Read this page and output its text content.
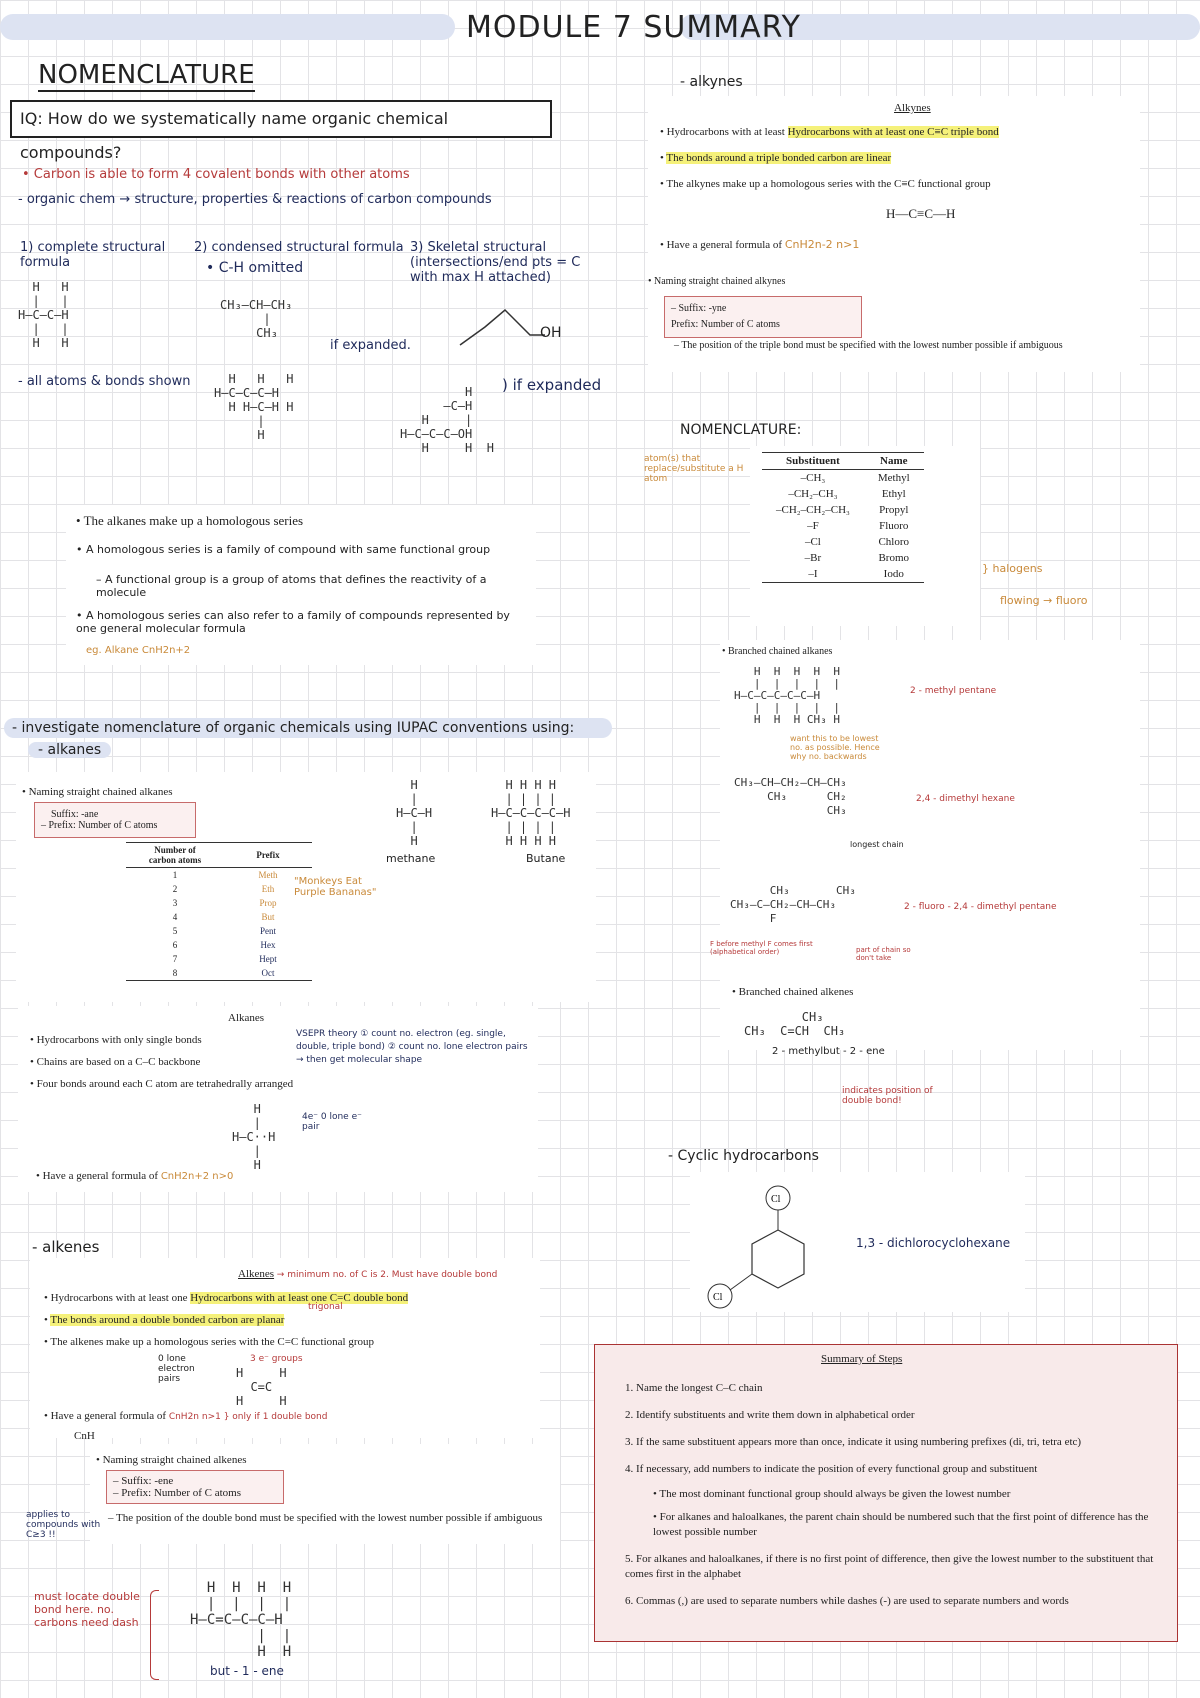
MODULE 7 SUMMARY
NOMENCLATURE
IQ: How do we systematically name organic chemical compounds?
• Carbon is able to form 4 covalent bonds with other atoms
- organic chem → structure, properties & reactions of carbon compounds
1) complete structural formula
H   H
|   |
H—C—C—H
|   |
H   H
- all atoms & bonds shown
2) condensed structural formula
• C-H omitted
CH₃—CH—CH₃
|
CH₃
if expanded.
H   H   H
H—C—C—C—H
H H—C—H H
|
H
3) Skeletal structural (intersections/end pts = C with max H attached)
OH
) if expanded
H
—C—H
H     |
H—C—C—C—OH
H     H  H
• The alkanes make up a homologous series
• A homologous series is a family of compound with same functional group
– A functional group is a group of atoms that defines the reactivity of a molecule
• A homologous series can also refer to a family of compounds represented by one general molecular formula
eg. Alkane CnH2n+2
- investigate nomenclature of organic chemicals using IUPAC conventions using:
- alkanes
• Naming straight chained alkanes
Suffix: -ane
– Prefix: Number of C atoms
H
|
H—C—H
|
H
methane
H H H H
| | | |
H—C—C—C—C—H
| | | |
H H H H
Butane
Number of carbon atoms	Prefix
1	Meth
2	Eth
3	Prop
4	But
5	Pent
6	Hex
7	Hept
8	Oct
"Monkeys Eat Purple Bananas"
Alkanes
• Hydrocarbons with only single bonds
• Chains are based on a C–C backbone
• Four bonds around each C atom are tetrahedrally arranged
VSEPR theory ① count no. electron (eg. single, double, triple bond) ② count no. lone electron pairs → then get molecular shape
H
|
H—C··H
|
H
4e⁻ 0 lone e⁻ pair
• Have a general formula of CnH2n+2 n>0
- alkenes
Alkenes → minimum no. of C is 2. Must have double bond
• Hydrocarbons with at least one Hydrocarbons with at least one C=C double bond
trigonal
• The bonds around a double bonded carbon are planar
• The alkenes make up a homologous series with the C=C functional group
0 lone electron pairs
3 e⁻ groups
H     H
C=C
H     H
• Have a general formula of CnH2n n>1 } only if 1 double bond
CnH
• Naming straight chained alkenes
– Suffix: -ene
– Prefix: Number of C atoms
– The position of the double bond must be specified with the lowest number possible if ambiguous
applies to compounds with C≥3 !!
must locate double bond here. no. carbons need dash
H  H  H  H
|  |  |  |
H—C=C—C—C—H
|  |
H  H
but - 1 - ene
- alkynes
Alkynes
• Hydrocarbons with at least Hydrocarbons with at least one C≡C triple bond
• The bonds around a triple bonded carbon are linear
• The alkynes make up a homologous series with the C≡C functional group
H—C≡C—H
• Have a general formula of CnH2n-2 n>1
• Naming straight chained alkynes
– Suffix: -yne
Prefix: Number of C atoms
– The position of the triple bond must be specified with the lowest number possible if ambiguous
NOMENCLATURE:
atom(s) that replace/substitute a H atom
Substituent	Name
–CH₃	Methyl
–CH₂–CH₃	Ethyl
–CH₂–CH₂–CH₃	Propyl
–F	Fluoro
–Cl	Chloro
–Br	Bromo
–I	Iodo	} halogens
flowing → fluoro
• Branched chained alkanes
H  H  H  H  H
|  |  |  |  |
H—C—C—C—C—C—H
|  |  |  |  |
H  H  H CH₃ H
2 - methyl pentane
want this to be lowest no. as possible. Hence why no. backwards
CH₃—CH—CH₂—CH—CH₃
CH₃      CH₂
CH₃
2,4 - dimethyl hexane
longest chain
CH₃       CH₃
CH₃—C—CH₂—CH—CH₃
F
2 - fluoro - 2,4 - dimethyl pentane
F before methyl F comes first (alphabetical order)	part of chain so don't take
• Branched chained alkenes
CH₃
CH₃  C=CH  CH₃
2 - methylbut - 2 - ene
indicates position of double bond!
- Cyclic hydrocarbons
Cl
Cl
1,3 - dichlorocyclohexane
Summary of Steps
1. Name the longest C–C chain
2. Identify substituents and write them down in alphabetical order
3. If the same substituent appears more than once, indicate it using numbering prefixes (di, tri, tetra etc)
4. If necessary, add numbers to indicate the position of every functional group and substituent
• The most dominant functional group should always be given the lowest number
• For alkanes and haloalkanes, the parent chain should be numbered such that the first point of difference has the lowest possible number
5. For alkanes and haloalkanes, if there is no first point of difference, then give the lowest number to the substituent that comes first in the alphabet
6. Commas (,) are used to separate numbers while dashes (-) are used to separate numbers and words
